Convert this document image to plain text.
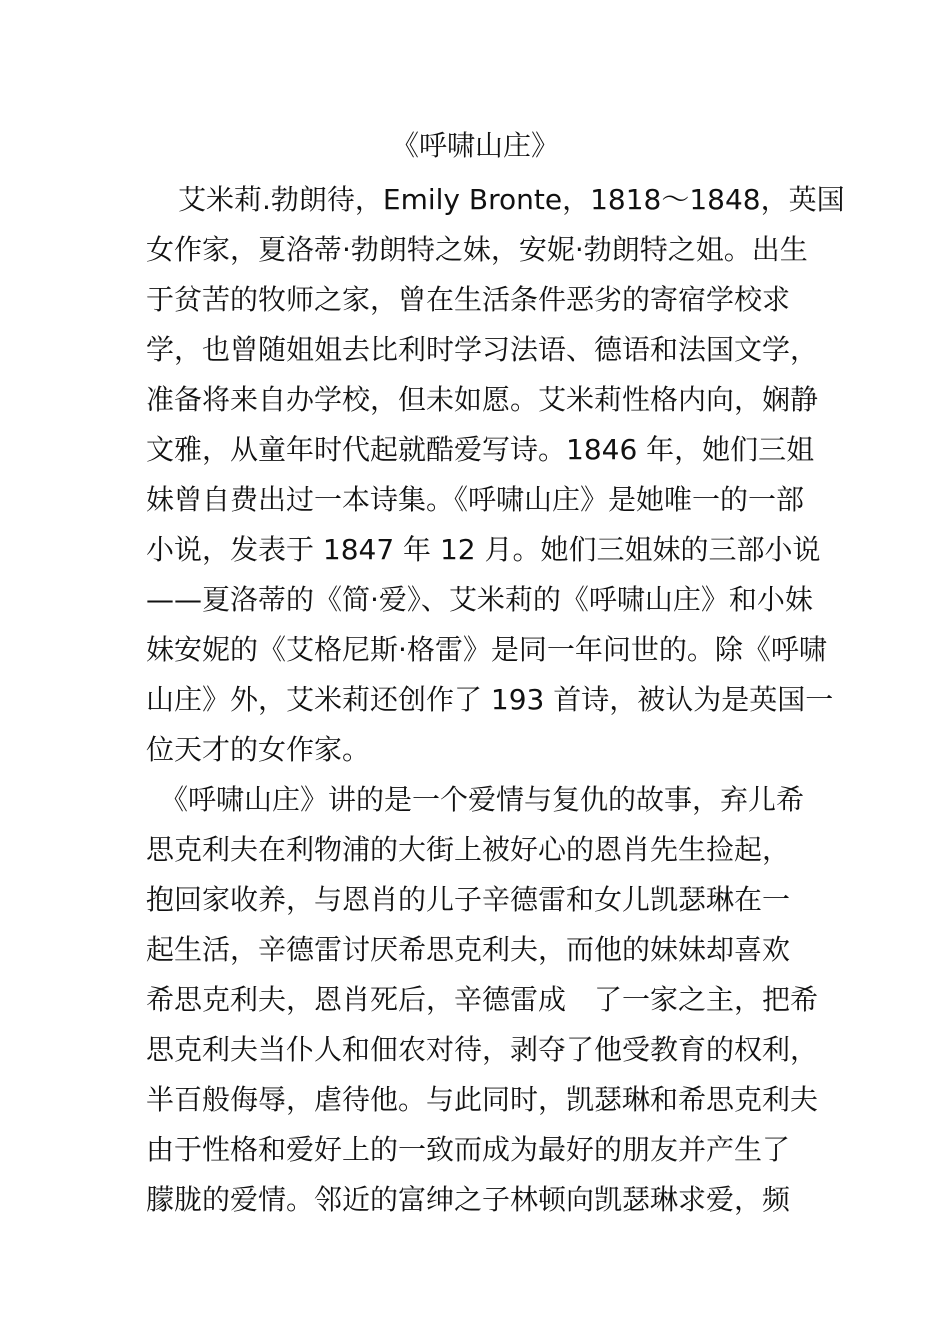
《呼啸山庄》
　艾米莉.勃朗待，Emily Bronte，1818～1848，英国
女作家，夏洛蒂·勃朗特之妹，安妮·勃朗特之姐。出生
于贫苦的牧师之家，曾在生活条件恶劣的寄宿学校求
学，也曾随姐姐去比利时学习法语、德语和法国文学，
准备将来自办学校，但未如愿。艾米莉性格内向，娴静
文雅，从童年时代起就酷爱写诗。1846 年，她们三姐
妹曾自费出过一本诗集。《呼啸山庄》是她唯一的一部
小说，发表于 1847 年 12 月。她们三姐妹的三部小说
——夏洛蒂的《简·爱》、艾米莉的《呼啸山庄》和小妹
妹安妮的《艾格尼斯·格雷》是同一年问世的。除《呼啸
山庄》外，艾米莉还创作了 193 首诗，被认为是英国一
位天才的女作家。
《呼啸山庄》讲的是一个爱情与复仇的故事，弃儿希
思克利夫在利物浦的大街上被好心的恩肖先生捡起，
抱回家收养，与恩肖的儿子辛德雷和女儿凯瑟琳在一
起生活，辛德雷讨厌希思克利夫，而他的妹妹却喜欢
希思克利夫，恩肖死后，辛德雷成　了一家之主，把希
思克利夫当仆人和佃农对待，剥夺了他受教育的权利，
半百般侮辱，虐待他。与此同时，凯瑟琳和希思克利夫
由于性格和爱好上的一致而成为最好的朋友并产生了
朦胧的爱情。邻近的富绅之子林顿向凯瑟琳求爱，频
